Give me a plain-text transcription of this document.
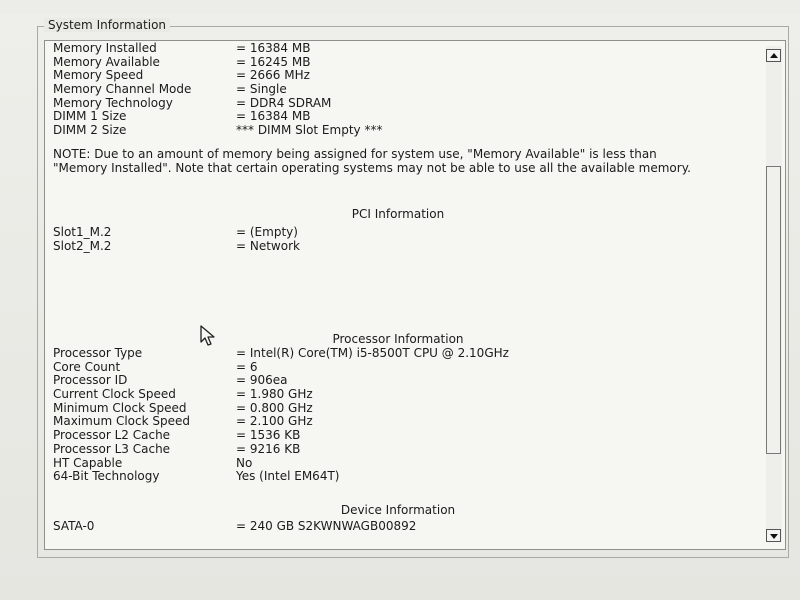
System Information
Memory Installed	= 16384 MB
Memory Available	= 16245 MB
Memory Speed	= 2666 MHz
Memory Channel Mode	= Single
Memory Technology	= DDR4 SDRAM
DIMM 1 Size	= 16384 MB
DIMM 2 Size	*** DIMM Slot Empty ***
NOTE: Due to an amount of memory being assigned for system use, "Memory Available" is less than "Memory Installed". Note that certain operating systems may not be able to use all the available memory.
PCI Information
Slot1_M.2	= (Empty)
Slot2_M.2	= Network
Processor Information
Processor Type	= Intel(R) Core(TM) i5-8500T CPU @ 2.10GHz
Core Count	= 6
Processor ID	= 906ea
Current Clock Speed	= 1.980 GHz
Minimum Clock Speed	= 0.800 GHz
Maximum Clock Speed	= 2.100 GHz
Processor L2 Cache	= 1536 KB
Processor L3 Cache	= 9216 KB
HT Capable	No
64-Bit Technology	Yes (Intel EM64T)
Device Information
SATA-0	= 240 GB S2KWNWAGB00892
